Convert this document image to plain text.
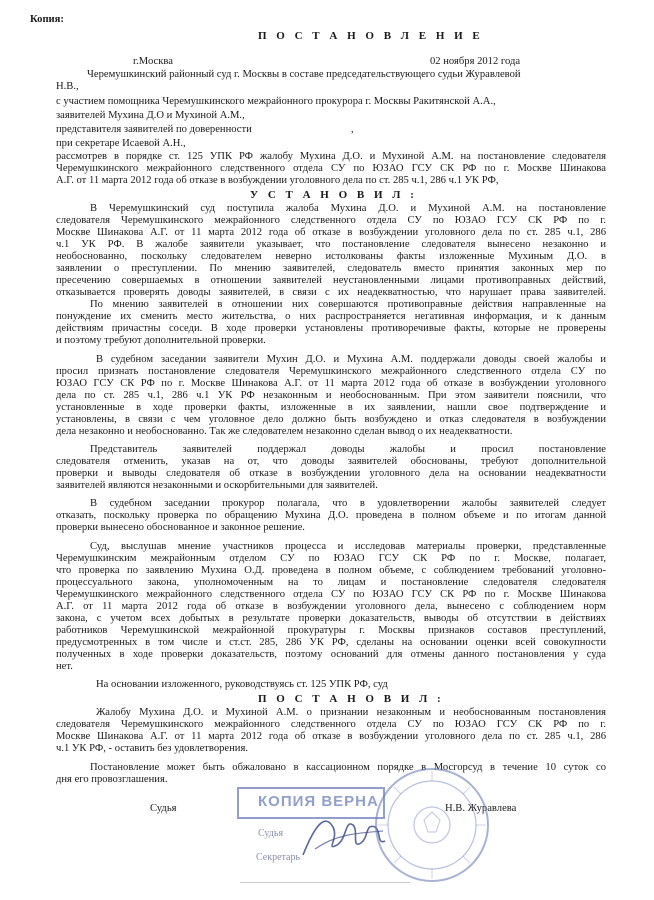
Копия:
П О С Т А Н О В Л Е Н И Е
г.Москва	02 ноября 2012 года
Черемушкинский районный суд г. Москвы в составе председательствующего судьи Журавлевой
Н.В.,
с участием помощника Черемушкинского межрайонного прокурора г. Москвы Ракитянской А.А.,
заявителей Мухина Д.О и Мухиной А.М.,
представителя заявителей по доверенности	,
при секретаре Исаевой А.Н.,
рассмотрев в порядке ст. 125 УПК РФ жалобу Мухина Д.О. и Мухиной А.М. на постановление следователя
Черемушкинского межрайонного следственного отдела СУ по ЮЗАО ГСУ СК РФ по г. Москве Шинакова
А.Г. от 11 марта 2012 года об отказе в возбуждении уголовного дела по ст. 285 ч.1, 286 ч.1 УК РФ,
У С Т А Н О В И Л :
В Черемушкинский суд поступила жалоба Мухина Д.О. и Мухиной А.М. на постановление
следователя Черемушкинского межрайонного следственного отдела СУ по ЮЗАО ГСУ СК РФ по г.
Москве Шинакова А.Г. от 11 марта 2012 года об отказе в возбуждении уголовного дела по ст. 285 ч.1, 286
ч.1 УК РФ. В жалобе заявители указывает, что постановление следователя вынесено незаконно и
необоснованно, поскольку следователем неверно истолкованы факты изложенные Мухиным Д.О. в
заявлении о преступлении. По мнению заявителей, следователь вместо принятия законных мер по
пресечению совершаемых в отношении заявителей неустановленными лицами противоправных действий,
отказывается проверять доводы заявителей, в связи с их неадекватностью, что нарушает права заявителей.
По мнению заявителей в отношении них совершаются противоправные действия направленные на
понуждение их сменить место жительства, о них распространяется негативная информация, и к данным
действиям причастны соседи. В ходе проверки установлены противоречивые факты, которые не проверены
и поэтому требуют дополнительной проверки.
В судебном заседании заявители Мухин Д.О. и Мухина А.М. поддержали доводы своей жалобы и
просил признать постановление следователя Черемушкинского межрайонного следственного отдела СУ по
ЮЗАО ГСУ СК РФ по г. Москве Шинакова А.Г. от 11 марта 2012 года об отказе в возбуждении уголовного
дела по ст. 285 ч.1, 286 ч.1 УК РФ незаконным и необоснованным. При этом заявители пояснили, что
установленные в ходе проверки факты, изложенные в их заявлении, нашли свое подтверждение и
установлены, в связи с чем уголовное дело должно быть возбуждено и отказ следователя в возбуждении
дела незаконно и необоснованно. Так же следователем незаконно сделан вывод о их неадекватности.
Представитель заявителей поддержал доводы жалобы и просил постановление
следователя отменить, указав на от, что доводы заявителей обоснованы, требуют дополнительной
проверки и выводы следователя об отказе в возбуждении уголовного дела на основании неадекватности
заявителей являются незаконными и оскорбительными для заявителей.
В судебном заседании прокурор полагала, что в удовлетворении жалобы заявителей следует
отказать, поскольку проверка по обращению Мухина Д.О. проведена в полном объеме и по итогам данной
проверки вынесено обоснованное и законное решение.
Суд, выслушав мнение участников процесса и исследовав материалы проверки, представленные
Черемушкинским межрайонным отделом СУ по ЮЗАО ГСУ СК РФ по г. Москве, полагает,
что проверка по заявлению Мухина О.Д. проведена в полном объеме, с соблюдением требований уголовно-
процессуального закона, уполномоченным на то лицам и постановление следователя следователя
Черемушкинского межрайонного следственного отдела СУ по ЮЗАО ГСУ СК РФ по г. Москве Шинакова
А.Г. от 11 марта 2012 года об отказе в возбуждении уголовного дела, вынесено с соблюдением норм
закона, с учетом всех добытых в результате проверки доказательств, выводы об отсутствии в действиях
работников Черемушкинской межрайонной прокуратуры г. Москвы признаков составов преступлений,
предусмотренных в том числе и ст.ст. 285, 286 УК РФ, сделаны на основании оценки всей совокупности
полученных в ходе проверки доказательств, поэтому оснований для отмены данного постановления у суда
нет.
На основании изложенного, руководствуясь ст. 125 УПК РФ, суд
П О С Т А Н О В И Л :
Жалобу Мухина Д.О. и Мухиной А.М. о признании незаконным и необоснованным постановления
следователя Черемушкинского межрайонного следственного отдела СУ по ЮЗАО ГСУ СК РФ по г.
Москве Шинакова А.Г. от 11 марта 2012 года об отказе в возбуждении уголовного дела по ст. 285 ч.1, 286
ч.1 УК РФ, - оставить без удовлетворения.
Постановление может быть обжаловано в кассационном порядке в Мосгорсуд в течение 10 суток со
дня его провозглашения.
Судья	Н.В. Журавлева
КОПИЯ ВЕРНА
Судья
Секретарь
